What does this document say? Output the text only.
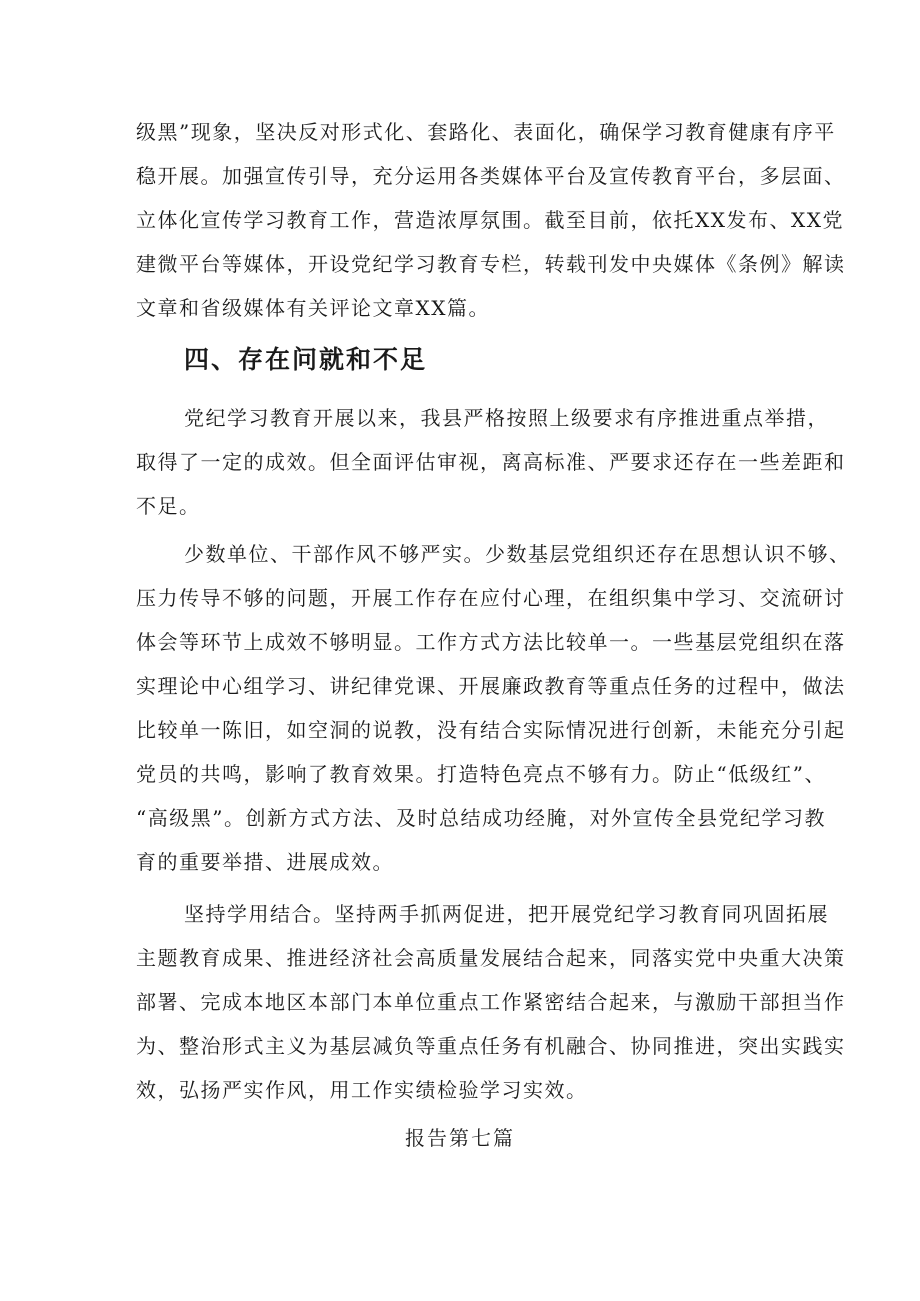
级黑”现象，坚决反对形式化、套路化、表面化，确保学习教育健康有序平
稳开展。加强宣传引导，充分运用各类媒体平台及宣传教育平台，多层面、
立体化宣传学习教育工作，营造浓厚氛围。截至目前，依托XX发布、XX党
建微平台等媒体，开设党纪学习教育专栏，转载刊发中央媒体《条例》解读
文章和省级媒体有关评论文章XX篇。
四、存在问就和不足
党纪学习教育开展以来，我县严格按照上级要求有序推进重点举措，
取得了一定的成效。但全面评估审视，离高标准、严要求还存在一些差距和
不足。
少数单位、干部作风不够严实。少数基层党组织还存在思想认识不够、
压力传导不够的问题，开展工作存在应付心理，在组织集中学习、交流研讨
体会等环节上成效不够明显。工作方式方法比较单一。一些基层党组织在落
实理论中心组学习、讲纪律党课、开展廉政教育等重点任务的过程中，做法
比较单一陈旧，如空洞的说教，没有结合实际情况进行创新，未能充分引起
党员的共鸣，影响了教育效果。打造特色亮点不够有力。防止“低级红”、
“高级黑”。创新方式方法、及时总结成功经腌，对外宣传全县党纪学习教
育的重要举措、进展成效。
坚持学用结合。坚持两手抓两促进，把开展党纪学习教育同巩固拓展
主题教育成果、推进经济社会高质量发展结合起来，同落实党中央重大决策
部署、完成本地区本部门本单位重点工作紧密结合起来，与激励干部担当作
为、整治形式主义为基层减负等重点任务有机融合、协同推进，突出实践实
效，弘扬严实作风，用工作实绩检验学习实效。
报告第七篇
